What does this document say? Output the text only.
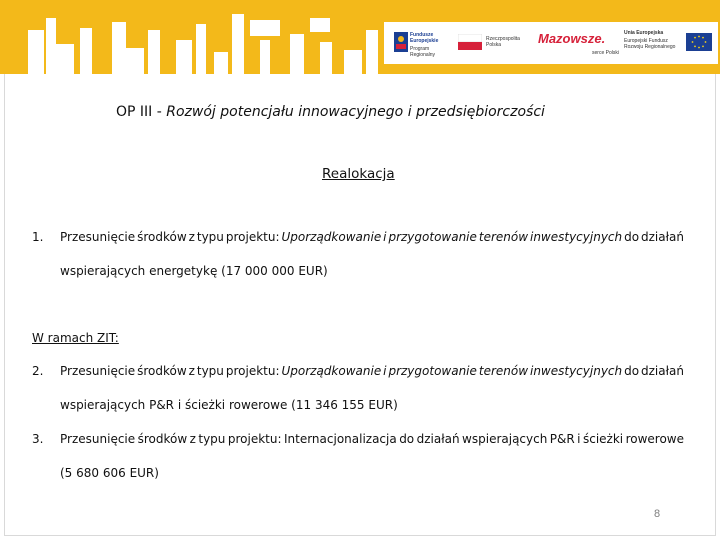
Fundusze Europejskie
Program Regionalny
Rzeczpospolita Polska	Mazowsze.
serce Polski
Unia Europejska
Europejski Fundusz Rozwoju Regionalnego
OP III - Rozwój potencjału innowacyjnego i przedsiębiorczości
Realokacja
1. Przesunięcie środków z typu projektu: Uporządkowanie i przygotowanie terenów inwestycyjnych do działań
wspierających energetykę (17 000 000 EUR)
W ramach ZIT:
2. Przesunięcie środków z typu projektu: Uporządkowanie i przygotowanie terenów inwestycyjnych do działań
wspierających P&R i ścieżki rowerowe (11 346 155 EUR)
3. Przesunięcie środków z typu projektu: Internacjonalizacja do działań wspierających P&R i ścieżki rowerowe
(5 680 606 EUR)
8
